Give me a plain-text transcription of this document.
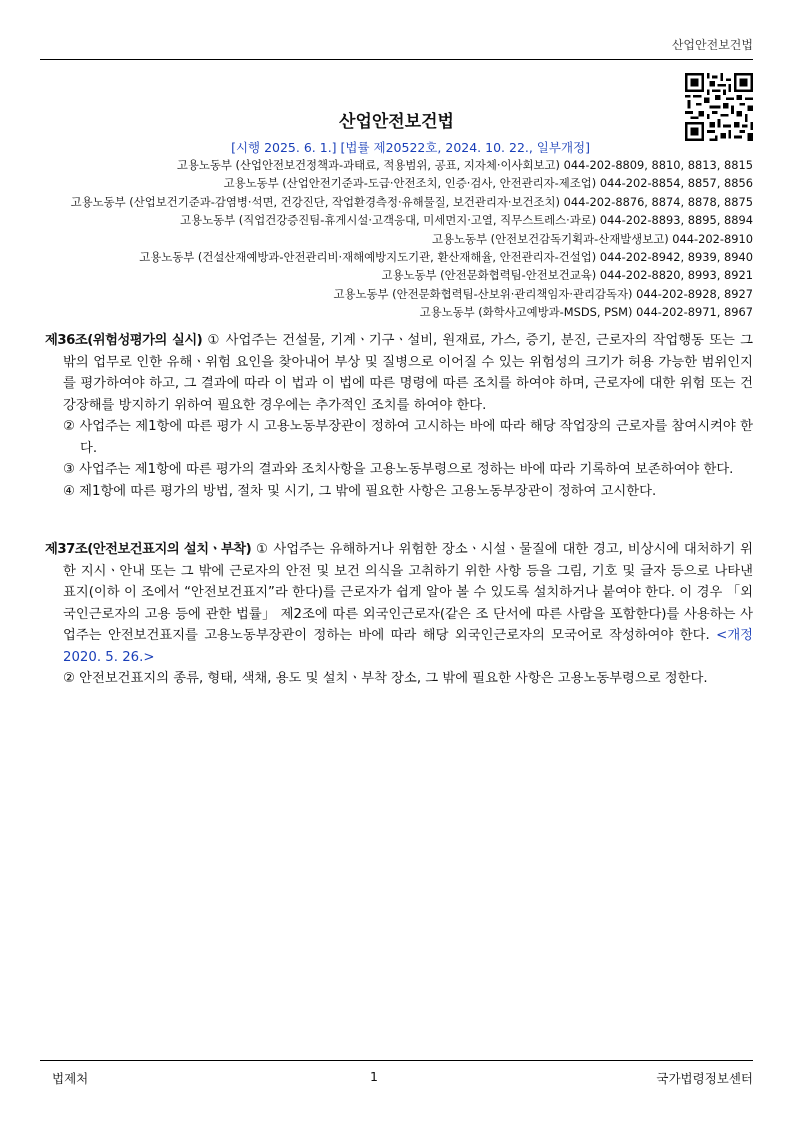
산업안전보건법
산업안전보건법
[시행 2025. 6. 1.] [법률 제20522호, 2024. 10. 22., 일부개정]
고용노동부 (산업안전보건정책과-과태료, 적용범위, 공표, 지자체·이사회보고) 044-202-8809, 8810, 8813, 8815
고용노동부 (산업안전기준과-도급·안전조치, 인증·검사, 안전관리자-제조업) 044-202-8854, 8857, 8856
고용노동부 (산업보건기준과-감염병·석면, 건강진단, 작업환경측정·유해물질, 보건관리자·보건조치) 044-202-8876, 8874, 8878, 8875
고용노동부 (직업건강증진팀-휴게시설·고객응대, 미세먼지·고열, 직무스트레스·과로) 044-202-8893, 8895, 8894
고용노동부 (안전보건감독기획과-산재발생보고) 044-202-8910
고용노동부 (건설산재예방과-안전관리비·재해예방지도기관, 환산재해율, 안전관리자-건설업) 044-202-8942, 8939, 8940
고용노동부 (안전문화협력팀-안전보건교육) 044-202-8820, 8993, 8921
고용노동부 (안전문화협력팀-산보위·관리책임자·관리감독자) 044-202-8928, 8927
고용노동부 (화학사고예방과-MSDS, PSM) 044-202-8971, 8967
제36조(위험성평가의 실시) ① 사업주는 건설물, 기계ㆍ기구ㆍ설비, 원재료, 가스, 증기, 분진, 근로자의 작업행동 또는 그 밖의 업무로 인한 유해ㆍ위험 요인을 찾아내어 부상 및 질병으로 이어질 수 있는 위험성의 크기가 허용 가능한 범위인지를 평가하여야 하고, 그 결과에 따라 이 법과 이 법에 따른 명령에 따른 조치를 하여야 하며, 근로자에 대한 위험 또는 건강장해를 방지하기 위하여 필요한 경우에는 추가적인 조치를 하여야 한다.
② 사업주는 제1항에 따른 평가 시 고용노동부장관이 정하여 고시하는 바에 따라 해당 작업장의 근로자를 참여시켜야 한다.
③ 사업주는 제1항에 따른 평가의 결과와 조치사항을 고용노동부령으로 정하는 바에 따라 기록하여 보존하여야 한다.
④ 제1항에 따른 평가의 방법, 절차 및 시기, 그 밖에 필요한 사항은 고용노동부장관이 정하여 고시한다.
제37조(안전보건표지의 설치ㆍ부착) ① 사업주는 유해하거나 위험한 장소ㆍ시설ㆍ물질에 대한 경고, 비상시에 대처하기 위한 지시ㆍ안내 또는 그 밖에 근로자의 안전 및 보건 의식을 고취하기 위한 사항 등을 그림, 기호 및 글자 등으로 나타낸 표지(이하 이 조에서 “안전보건표지”라 한다)를 근로자가 쉽게 알아 볼 수 있도록 설치하거나 붙여야 한다. 이 경우 「외국인근로자의 고용 등에 관한 법률」 제2조에 따른 외국인근로자(같은 조 단서에 따른 사람을 포함한다)를 사용하는 사업주는 안전보건표지를 고용노동부장관이 정하는 바에 따라 해당 외국인근로자의 모국어로 작성하여야 한다. <개정 2020. 5. 26.>
② 안전보건표지의 종류, 형태, 색채, 용도 및 설치ㆍ부착 장소, 그 밖에 필요한 사항은 고용노동부령으로 정한다.
법제처	1	국가법령정보센터
